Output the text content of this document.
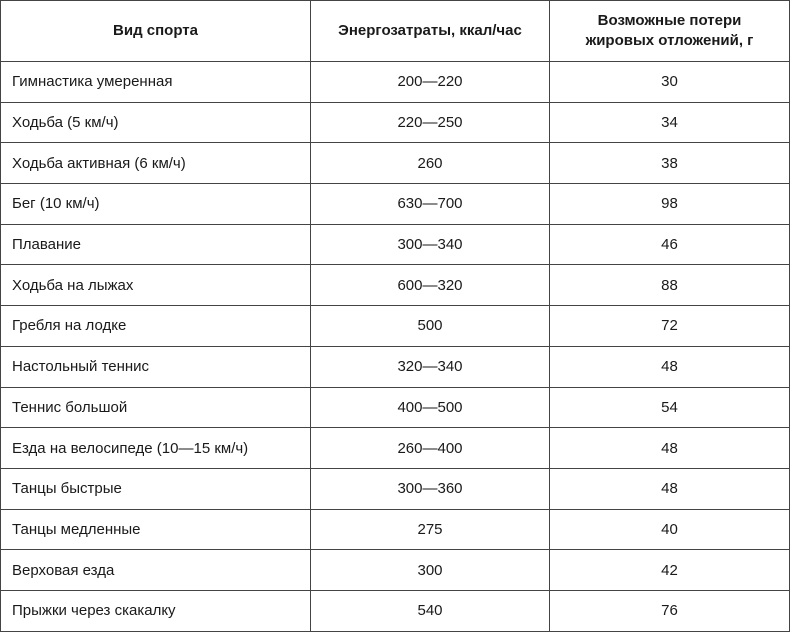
Вид спорта	Энергозатраты, ккал/час	Возможные потери жировых отложений, г
Гимнастика умеренная	200—220	30
Ходьба (5 км/ч)	220—250	34
Ходьба активная (6 км/ч)	260	38
Бег (10 км/ч)	630—700	98
Плавание	300—340	46
Ходьба на лыжах	600—320	88
Гребля на лодке	500	72
Настольный теннис	320—340	48
Теннис большой	400—500	54
Езда на велосипеде (10—15 км/ч)	260—400	48
Танцы быстрые	300—360	48
Танцы медленные	275	40
Верховая езда	300	42
Прыжки через скакалку	540	76
